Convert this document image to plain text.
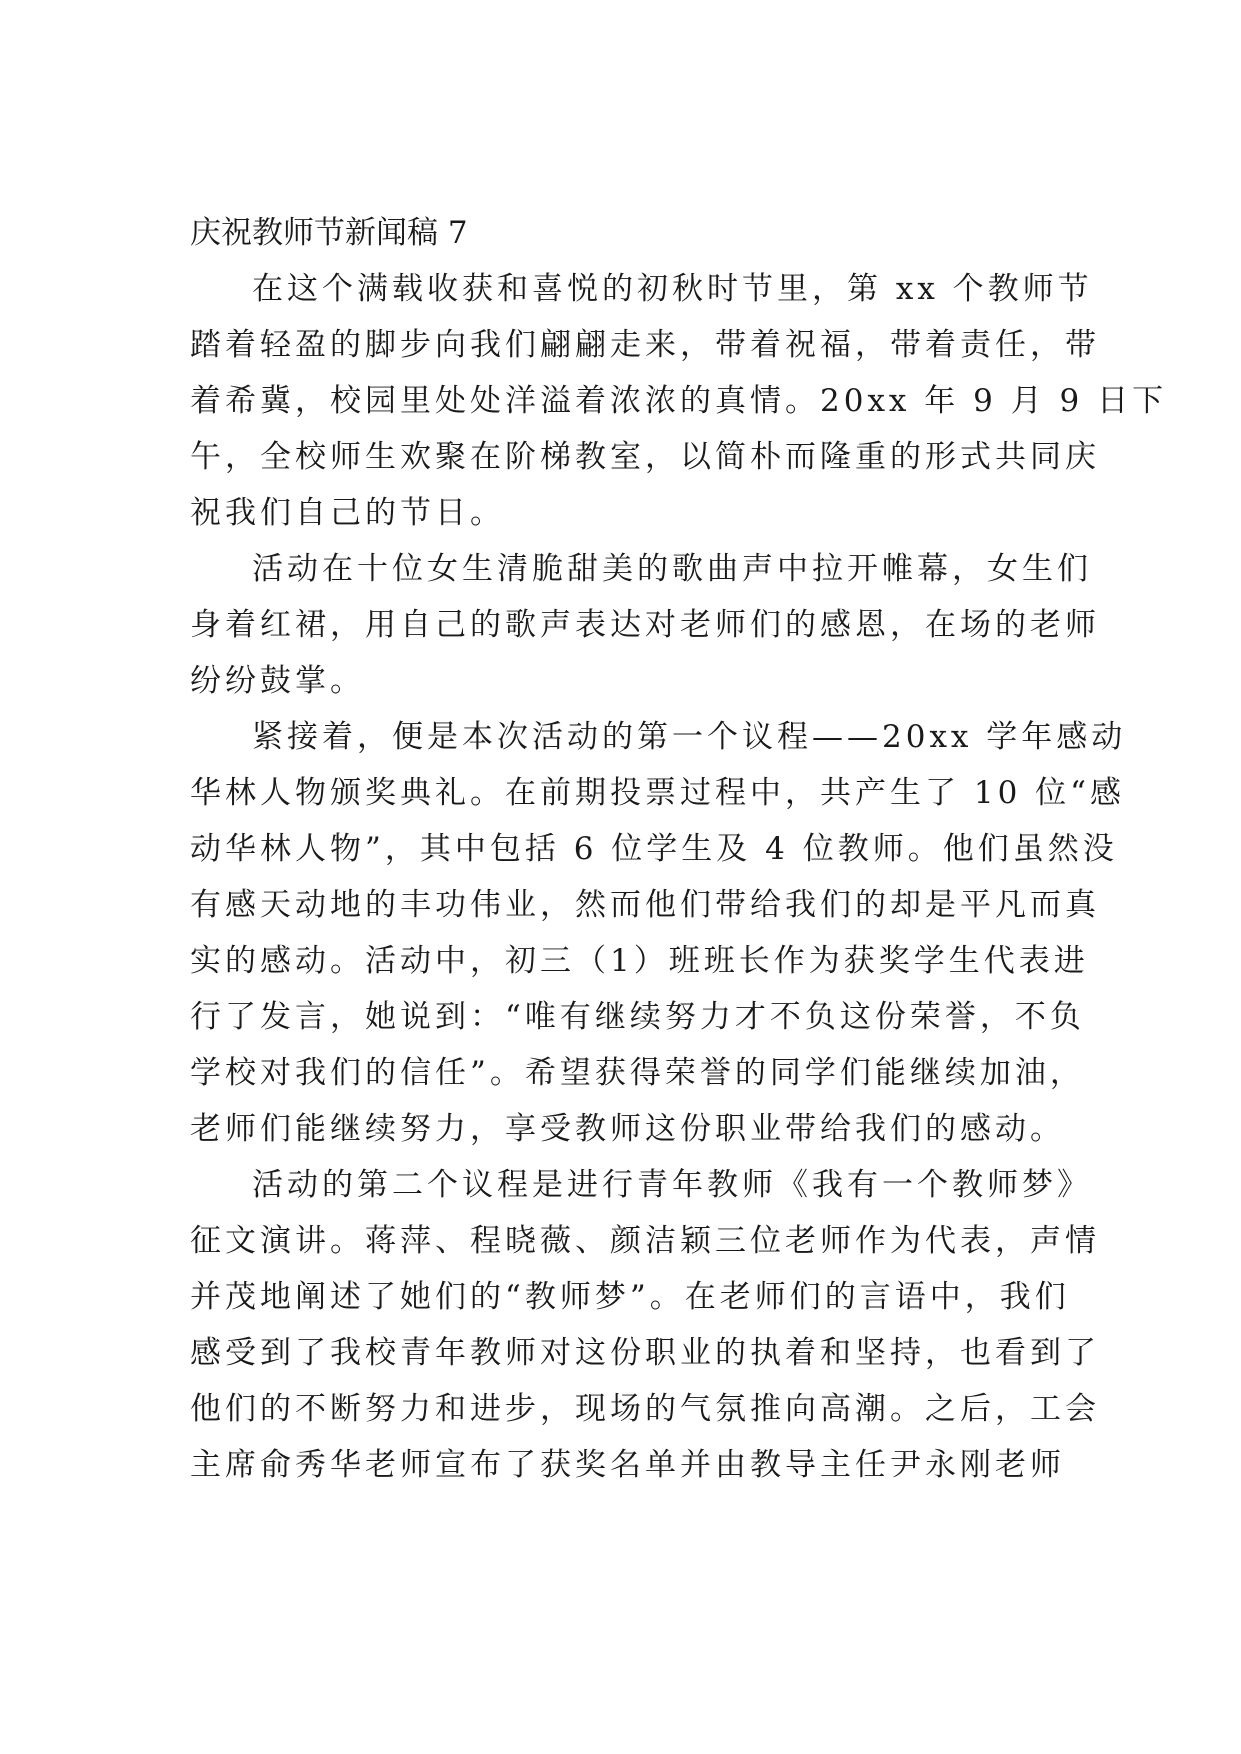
庆祝教师节新闻稿 7

在这个满载收获和喜悦的初秋时节里，第 xx 个教师节
踏着轻盈的脚步向我们翩翩走来，带着祝福，带着责任，带
着希冀，校园里处处洋溢着浓浓的真情。20xx 年 9 月 9 日下
午，全校师生欢聚在阶梯教室，以简朴而隆重的形式共同庆
祝我们自己的节日。

活动在十位女生清脆甜美的歌曲声中拉开帷幕，女生们
身着红裙，用自己的歌声表达对老师们的感恩，在场的老师
纷纷鼓掌。

紧接着，便是本次活动的第一个议程——20xx 学年感动
华林人物颁奖典礼。在前期投票过程中，共产生了 10 位“感
动华林人物”，其中包括 6 位学生及 4 位教师。他们虽然没
有感天动地的丰功伟业，然而他们带给我们的却是平凡而真
实的感动。活动中，初三（1）班班长作为获奖学生代表进
行了发言，她说到：“唯有继续努力才不负这份荣誉，不负
学校对我们的信任”。希望获得荣誉的同学们能继续加油，
老师们能继续努力，享受教师这份职业带给我们的感动。

活动的第二个议程是进行青年教师《我有一个教师梦》
征文演讲。蒋萍、程晓薇、颜洁颖三位老师作为代表，声情
并茂地阐述了她们的“教师梦”。在老师们的言语中，我们
感受到了我校青年教师对这份职业的执着和坚持，也看到了
他们的不断努力和进步，现场的气氛推向高潮。之后，工会
主席俞秀华老师宣布了获奖名单并由教导主任尹永刚老师
